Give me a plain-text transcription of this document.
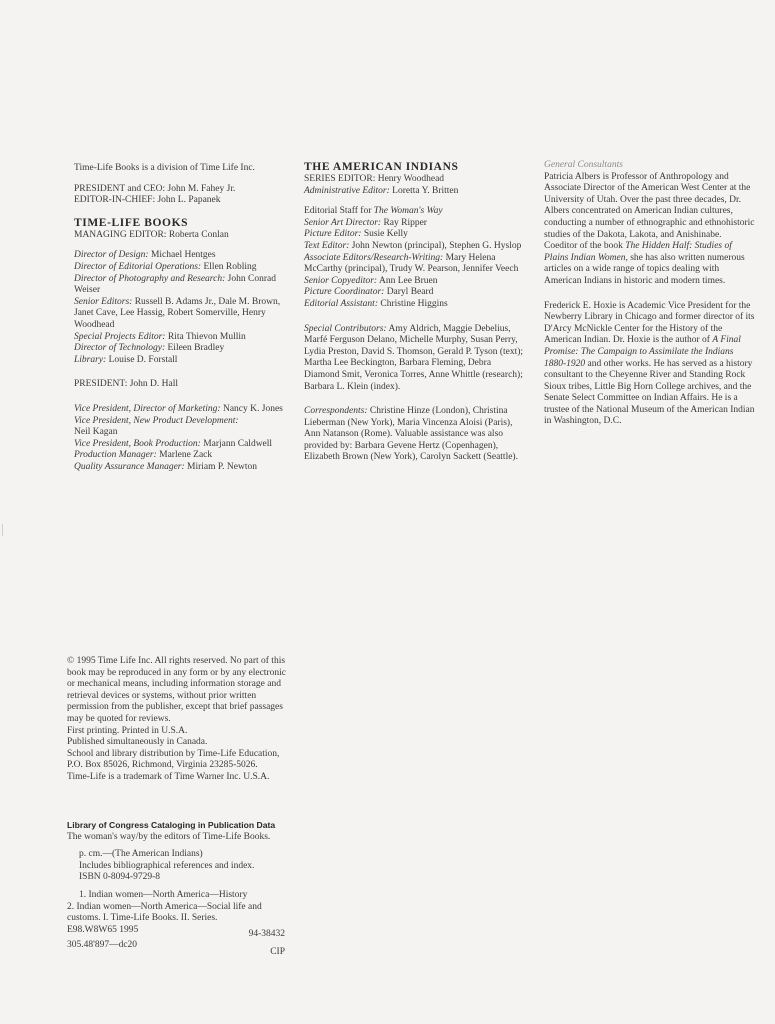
Time-Life Books is a division of Time Life Inc.

PRESIDENT and CEO: John M. Fahey Jr.

EDITOR-IN-CHIEF: John L. Papanek

TIME-LIFE BOOKS

MANAGING EDITOR: Roberta Conlan

Director of Design: Michael Hentges

Director of Editorial Operations: Ellen Robling

Director of Photography and Research: John Conrad Weiser

Senior Editors: Russell B. Adams Jr., Dale M. Brown, Janet Cave, Lee Hassig, Robert Somerville, Henry Woodhead

Special Projects Editor: Rita Thievon Mullin

Director of Technology: Eileen Bradley

Library: Louise D. Forstall

PRESIDENT: John D. Hall

Vice President, Director of Marketing: Nancy K. Jones

Vice President, New Product Development:
Neil Kagan

Vice President, Book Production: Marjann Caldwell

Production Manager: Marlene Zack

Quality Assurance Manager: Miriam P. Newton

THE AMERICAN INDIANS

SERIES EDITOR: Henry Woodhead

Administrative Editor: Loretta Y. Britten

Editorial Staff for The Woman's Way

Senior Art Director: Ray Ripper

Picture Editor: Susie Kelly

Text Editor: John Newton (principal), Stephen G. Hyslop

Associate Editors/Research-Writing: Mary Helena McCarthy (principal), Trudy W. Pearson, Jennifer Veech

Senior Copyeditor: Ann Lee Bruen

Picture Coordinator: Daryl Beard

Editorial Assistant: Christine Higgins

Special Contributors: Amy Aldrich, Maggie Debelius, Marfé Ferguson Delano, Michelle Murphy, Susan Perry, Lydia Preston, David S. Thomson, Gerald P. Tyson (text); Martha Lee Beckington, Barbara Fleming, Debra Diamond Smit, Veronica Torres, Anne Whittle (research); Barbara L. Klein (index).

Correspondents: Christine Hinze (London), Christina Lieberman (New York), Maria Vincenza Aloisi (Paris), Ann Natanson (Rome). Valuable assistance was also provided by: Barbara Gevene Hertz (Copenhagen), Elizabeth Brown (New York), Carolyn Sackett (Seattle).

General Consultants

Patricia Albers is Professor of Anthropology and Associate Director of the American West Center at the University of Utah. Over the past three decades, Dr. Albers concentrated on American Indian cultures, conducting a number of ethnographic and ethnohistoric studies of the Dakota, Lakota, and Anishinabe. Coeditor of the book The Hidden Half: Studies of Plains Indian Women, she has also written numerous articles on a wide range of topics dealing with American Indians in historic and modern times.

Frederick E. Hoxie is Academic Vice President for the Newberry Library in Chicago and former director of its D'Arcy McNickle Center for the History of the American Indian. Dr. Hoxie is the author of A Final Promise: The Campaign to Assimilate the Indians 1880-1920 and other works. He has served as a history consultant to the Cheyenne River and Standing Rock Sioux tribes, Little Big Horn College archives, and the Senate Select Committee on Indian Affairs. He is a trustee of the National Museum of the American Indian in Washington, D.C.

© 1995 Time Life Inc. All rights reserved. No part of this book may be reproduced in any form or by any electronic or mechanical means, including information storage and retrieval devices or systems, without prior written permission from the publisher, except that brief passages may be quoted for reviews.

First printing. Printed in U.S.A.

Published simultaneously in Canada.

School and library distribution by Time-Life Education, P.O. Box 85026, Richmond, Virginia 23285-5026.

Time-Life is a trademark of Time Warner Inc. U.S.A.

Library of Congress Cataloging in Publication Data

The woman's way/by the editors of Time-Life Books.

p. cm.—(The American Indians)

Includes bibliographical references and index.

ISBN 0-8094-9729-8

1. Indian women—North America—History

2. Indian women—North America—Social life and customs. I. Time-Life Books. II. Series.

E98.W8W65 1995	94-38432
305.48'897—dc20
CIP
